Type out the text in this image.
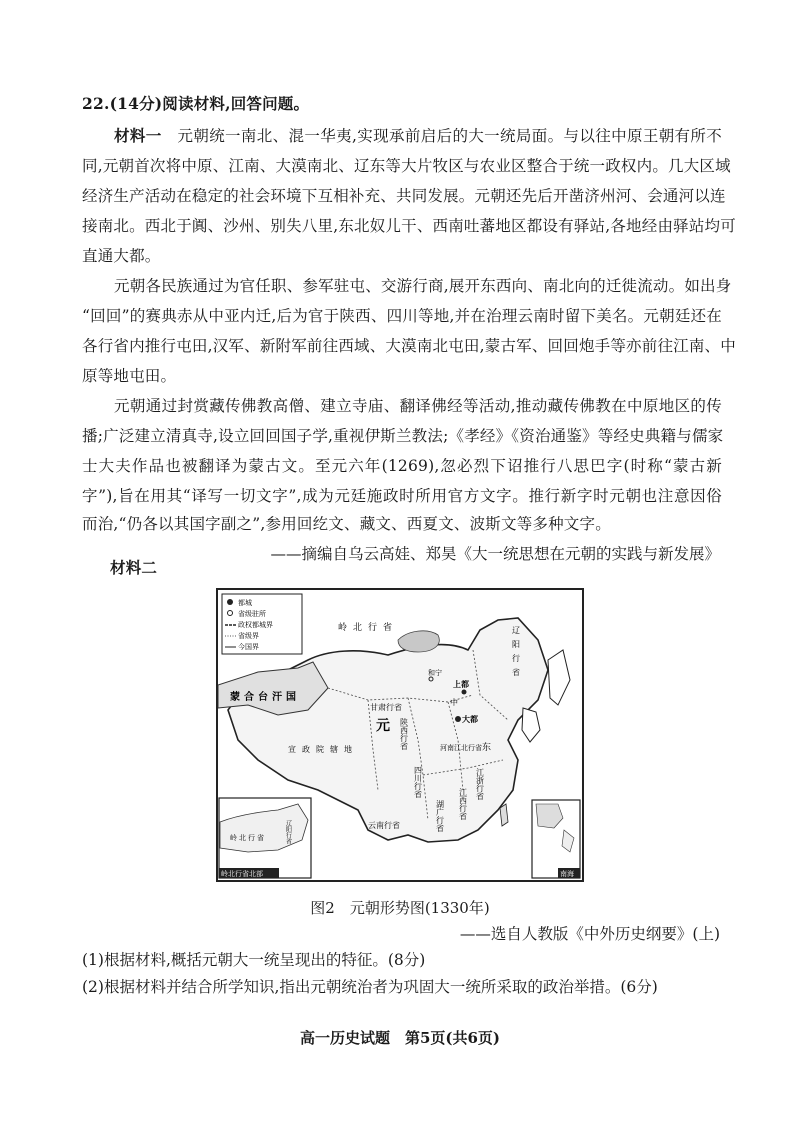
22.(14分)阅读材料,回答问题。
材料一　 元朝统一南北、混一华夷,实现承前启后的大一统局面。与以往中原王朝有所不
同,元朝首次将中原、江南、大漠南北、辽东等大片牧区与农业区整合于统一政权内。几大区域
经济生产活动在稳定的社会环境下互相补充、共同发展。元朝还先后开凿济州河、会通河以连
接南北。西北于阗、沙州、别失八里,东北奴儿干、西南吐蕃地区都设有驿站,各地经由驿站均可
直通大都。
元朝各民族通过为官任职、参军驻屯、交游行商,展开东西向、南北向的迁徙流动。如出身
“回回”的赛典赤从中亚内迁,后为官于陕西、四川等地,并在治理云南时留下美名。元朝廷还在
各行省内推行屯田,汉军、新附军前往西域、大漠南北屯田,蒙古军、回回炮手等亦前往江南、中
原等地屯田。
元朝通过封赏藏传佛教高僧、建立寺庙、翻译佛经等活动,推动藏传佛教在中原地区的传
播;广泛建立清真寺,设立回回国子学,重视伊斯兰教法;《孝经》《资治通鉴》等经史典籍与儒家
士大夫作品也被翻译为蒙古文。至元六年(1269),忽必烈下诏推行八思巴字(时称“蒙古新
字”),旨在用其“译写一切文字”,成为元廷施政时所用官方文字。推行新字时元朝也注意因俗
而治,“仍各以其国字副之”,参用回纥文、藏文、西夏文、波斯文等多种文字。
——摘编自乌云高娃、郑昊《大一统思想在元朝的实践与新发展》
材料二
都城
省级驻所
政权都城界
省级界
今国界
岭北行省	辽阳行省
和宁
蒙合台汗国
甘肃行省
元
中
上都
大都
陕西行省	河南江北行省 东
宣政院辖地
四川行省	江浙行省
江西行省
湖广行省
云南行省
辽阳行省
岭北行省
岭北行省北部	南海
图2　元朝形势图(1330年)
——选自人教版《中外历史纲要》(上)
(1)根据材料,概括元朝大一统呈现出的特征。(8分)
(2)根据材料并结合所学知识,指出元朝统治者为巩固大一统所采取的政治举措。(6分)
高一历史试题　第5页(共6页)
